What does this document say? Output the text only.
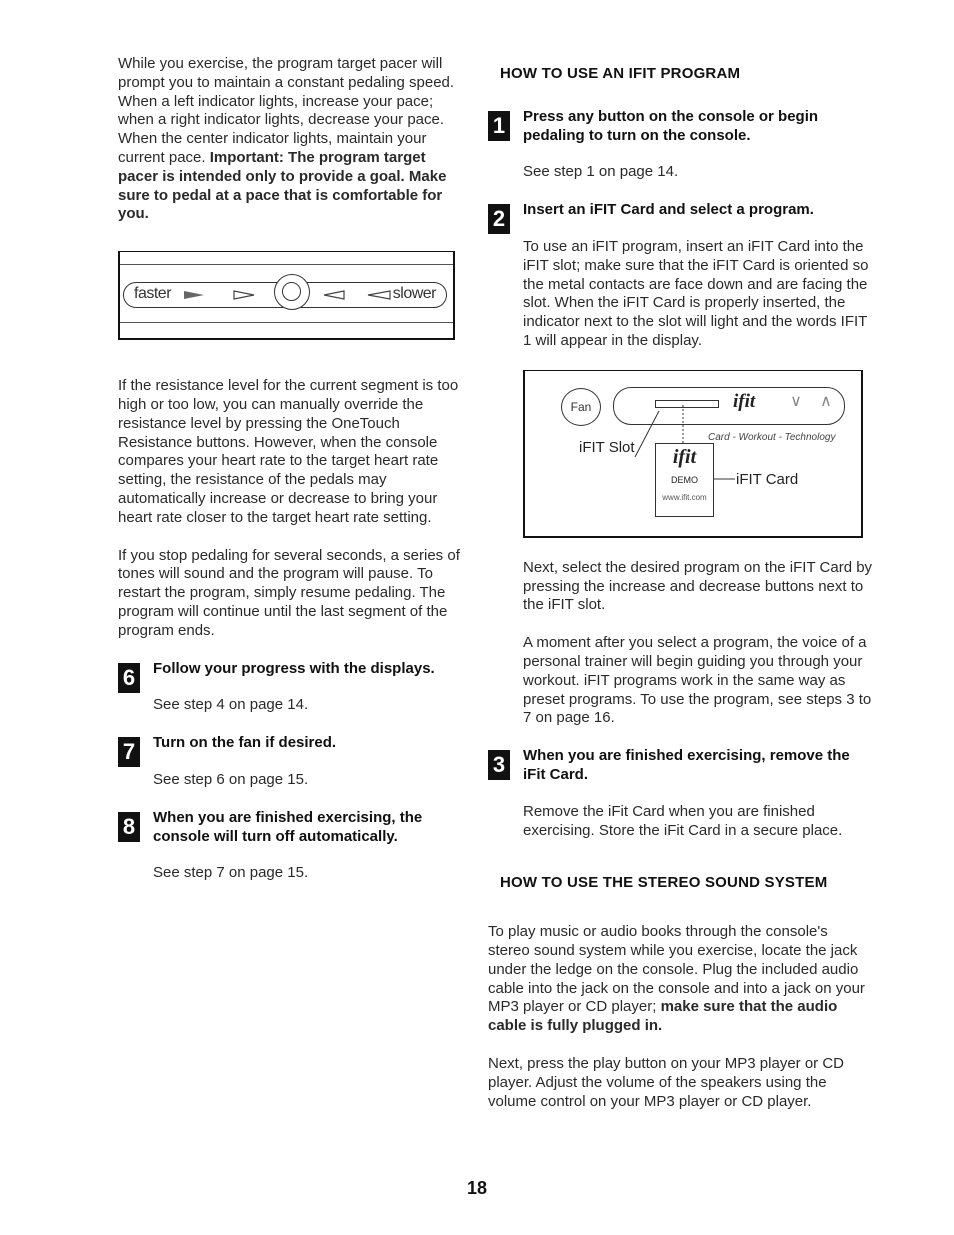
While you exercise, the program target pacer will prompt you to maintain a constant pedaling speed. When a left indicator lights, increase your pace; when a right indicator lights, decrease your pace. When the center indicator lights, maintain your current pace. Important: The program target pacer is intended only to provide a goal. Make sure to pedal at a pace that is comfortable for you.

faster	slower

If the resistance level for the current segment is too high or too low, you can manually override the resistance level by pressing the OneTouch Resistance buttons. However, when the console compares your heart rate to the target heart rate setting, the resistance of the pedals may automatically increase or decrease to bring your heart rate closer to the target heart rate setting.

If you stop pedaling for several seconds, a series of tones will sound and the program will pause. To restart the program, simply resume pedaling. The program will continue until the last segment of the program ends.

6	Follow your progress with the displays.

See step 4 on page 14.

7	Turn on the fan if desired.

See step 6 on page 15.

8	When you are finished exercising, the console will turn off automatically.

See step 7 on page 15.

HOW TO USE AN IFIT PROGRAM
1	Press any button on the console or begin pedaling to turn on the console.

See step 1 on page 14.

2	Insert an iFIT Card and select a program.

To use an iFIT program, insert an iFIT Card into the iFIT slot; make sure that the iFIT Card is oriented so the metal contacts are face down and are facing the slot. When the iFIT Card is properly inserted, the indicator next to the slot will light and the words IFIT 1 will appear in the display.

Fan	ifit	∨	∧
Card - Workout - Technology
iFIT Slot	ifit
DEMO
www.ifit.com
iFIT Card

Next, select the desired program on the iFIT Card by pressing the increase and decrease buttons next to the iFIT slot.

A moment after you select a program, the voice of a personal trainer will begin guiding you through your workout. iFIT programs work in the same way as preset programs. To use the program, see steps 3 to 7 on page 16.

3	When you are finished exercising, remove the iFit Card.

Remove the iFit Card when you are finished exercising. Store the iFit Card in a secure place.

HOW TO USE THE STEREO SOUND SYSTEM

To play music or audio books through the console's stereo sound system while you exercise, locate the jack under the ledge on the console. Plug the included audio cable into the jack on the console and into a jack on your MP3 player or CD player; make sure that the audio cable is fully plugged in.

Next, press the play button on your MP3 player or CD player. Adjust the volume of the speakers using the volume control on your MP3 player or CD player.

18
